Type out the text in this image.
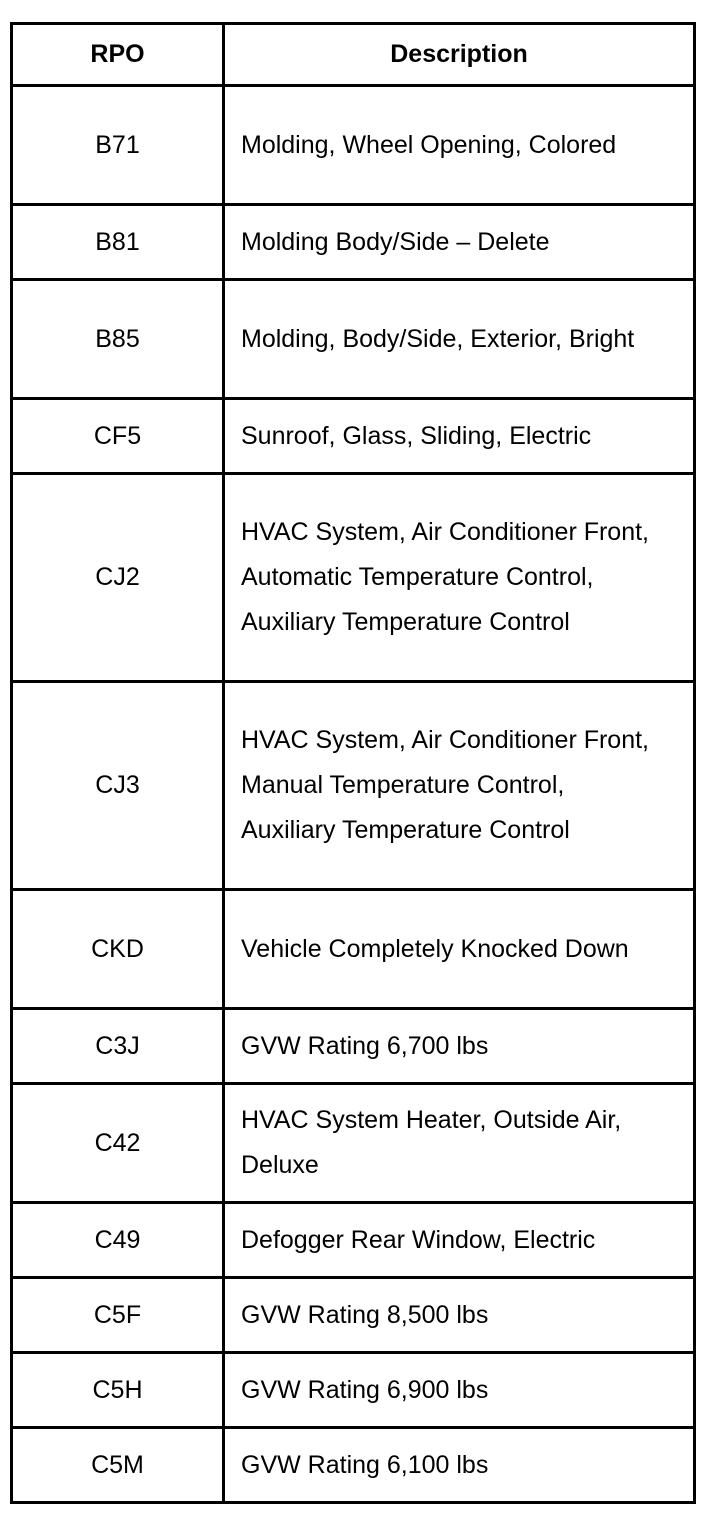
RPO	Description
B71	Molding, Wheel Opening, Colored
B81	Molding Body/Side – Delete
B85	Molding, Body/Side, Exterior, Bright
CF5	Sunroof, Glass, Sliding, Electric
CJ2	HVAC System, Air Conditioner Front, Automatic Temperature Control, Auxiliary Temperature Control
CJ3	HVAC System, Air Conditioner Front, Manual Temperature Control, Auxiliary Temperature Control
CKD	Vehicle Completely Knocked Down
C3J	GVW Rating 6,700 lbs
C42	HVAC System Heater, Outside Air, Deluxe
C49	Defogger Rear Window, Electric
C5F	GVW Rating 8,500 lbs
C5H	GVW Rating 6,900 lbs
C5M	GVW Rating 6,100 lbs
